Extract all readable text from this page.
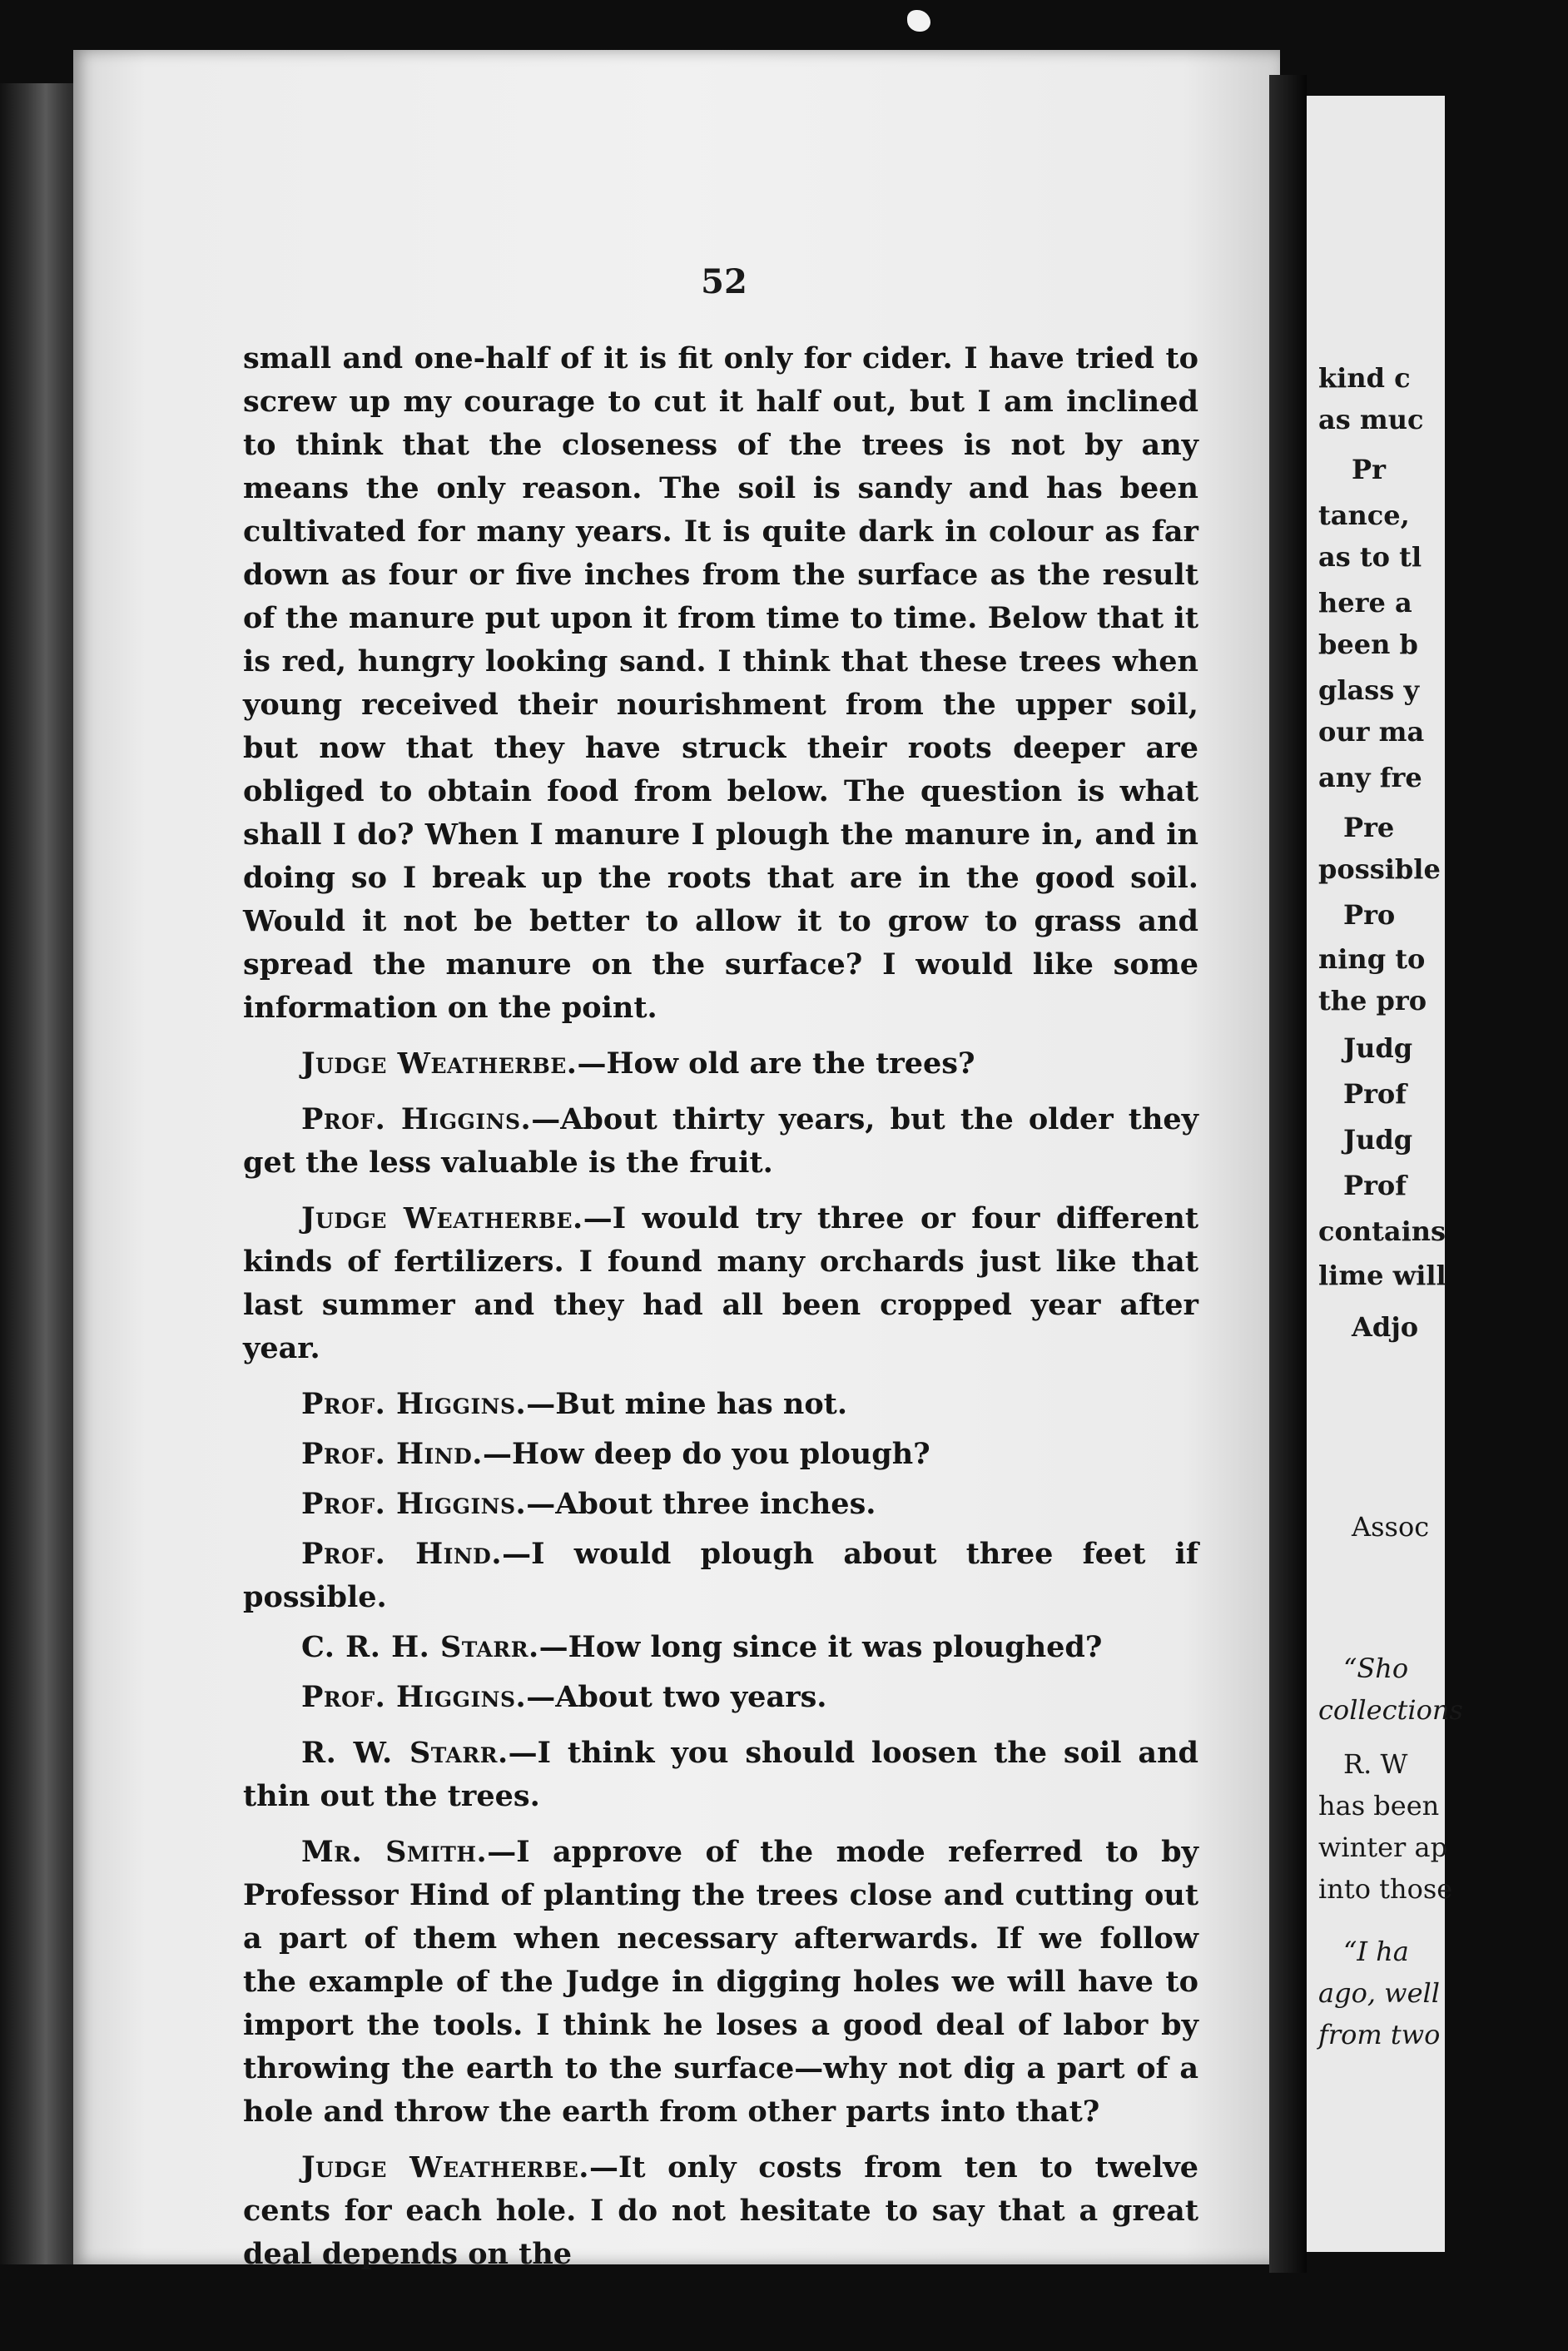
52

small and one-half of it is fit only for cider. I have tried to screw up my courage to cut it half out, but I am inclined to think that the closeness of the trees is not by any means the only reason. The soil is sandy and has been cultivated for many years. It is quite dark in colour as far down as four or five inches from the surface as the result of the manure put upon it from time to time. Below that it is red, hungry looking sand. I think that these trees when young received their nourishment from the upper soil, but now that they have struck their roots deeper are obliged to obtain food from below. The question is what shall I do? When I manure I plough the manure in, and in doing so I break up the roots that are in the good soil. Would it not be better to allow it to grow to grass and spread the manure on the surface? I would like some information on the point.

Judge Weatherbe.—How old are the trees?

Prof. Higgins.—About thirty years, but the older they get the less valuable is the fruit.

Judge Weatherbe.—I would try three or four different kinds of fertilizers. I found many orchards just like that last summer and they had all been cropped year after year.

Prof. Higgins.—But mine has not.

Prof. Hind.—How deep do you plough?

Prof. Higgins.—About three inches.

Prof. Hind.—I would plough about three feet if possible.

C. R. H. Starr.—How long since it was ploughed?

Prof. Higgins.—About two years.

R. W. Starr.—I think you should loosen the soil and thin out the trees.

Mr. Smith.—I approve of the mode referred to by Professor Hind of planting the trees close and cutting out a part of them when necessary afterwards. If we follow the example of the Judge in digging holes we will have to import the tools. I think he loses a good deal of labor by throwing the earth to the surface—why not dig a part of a hole and throw the earth from other parts into that?

Judge Weatherbe.—It only costs from ten to twelve cents for each hole. I do not hesitate to say that a great deal depends on the

kind c
as muc
Pr
tance,
as to tl
here a
been b
glass y
our ma
any fre
Pre
possible
Pro
ning to
the pro
Judg
Prof
Judg
Prof
contains
lime will
Adjo
Assoc
“Sho
collections
R. W
has been
winter ap
into those
“I ha
ago, well
from two
